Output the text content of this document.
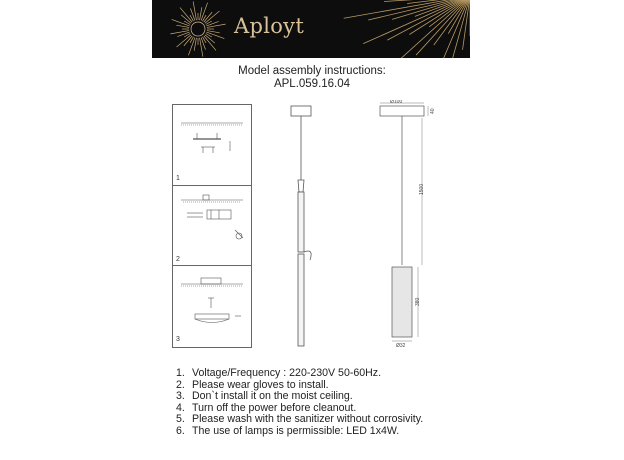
Aployt
Model assembly instructions:
APL.059.16.04
1
2
3
Ø100
40
1500
380
Ø32
1. Voltage/Frequency : 220-230V 50-60Hz.
2. Please wear gloves to install.
3. Don`t install it on the moist ceiling.
4. Turn off the power before cleanout.
5. Please wash with the sanitizer without corrosivity.
6. The use of lamps is permissible: LED 1x4W.
